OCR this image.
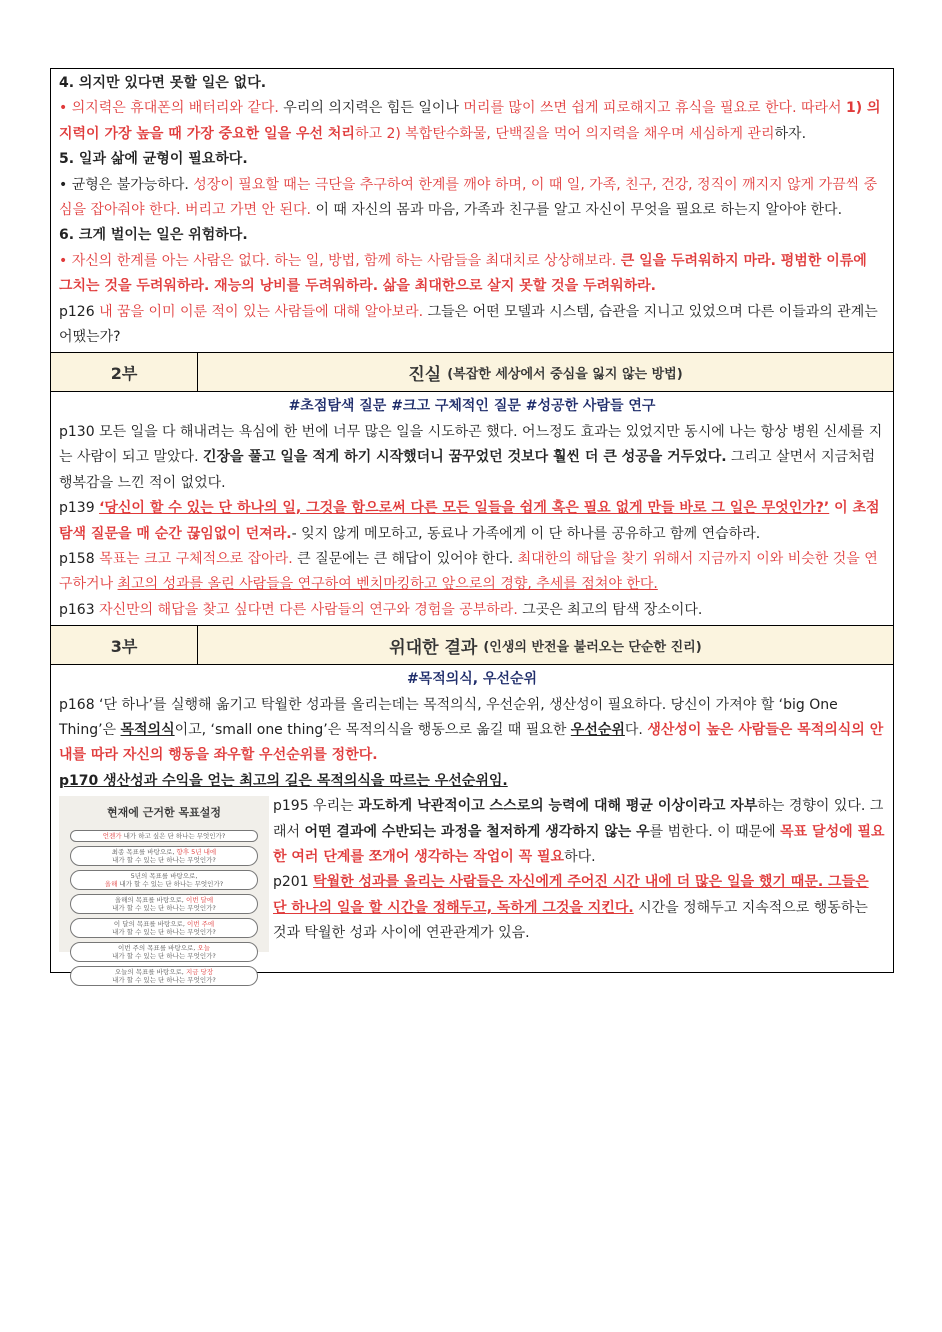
4. 의지만 있다면 못할 일은 없다.
• 의지력은 휴대폰의 배터리와 같다. 우리의 의지력은 힘든 일이나 머리를 많이 쓰면 쉽게 피로해지고 휴식을 필요로 한다. 따라서 1) 의지력이 가장 높을 때 가장 중요한 일을 우선 처리하고 2) 복합탄수화물, 단백질을 먹어 의지력을 채우며 세심하게 관리하자.
5. 일과 삶에 균형이 필요하다.
• 균형은 불가능하다. 성장이 필요할 때는 극단을 추구하여 한계를 깨야 하며, 이 때 일, 가족, 친구, 건강, 정직이 깨지지 않게 가끔씩 중심을 잡아줘야 한다. 버리고 가면 안 된다. 이 때 자신의 몸과 마음, 가족과 친구를 알고 자신이 무엇을 필요로 하는지 알아야 한다.
6. 크게 벌이는 일은 위험하다.
• 자신의 한계를 아는 사람은 없다. 하는 일, 방법, 함께 하는 사람들을 최대치로 상상해보라. 큰 일을 두려워하지 마라. 평범한 이류에 그치는 것을 두려워하라. 재능의 낭비를 두려워하라. 삶을 최대한으로 살지 못할 것을 두려워하라.
p126 내 꿈을 이미 이룬 적이 있는 사람들에 대해 알아보라. 그들은 어떤 모델과 시스템, 습관을 지니고 있었으며 다른 이들과의 관계는 어땠는가?
2부	진실 (복잡한 세상에서 중심을 잃지 않는 방법)
#초점탐색 질문 #크고 구체적인 질문 #성공한 사람들 연구
p130 모든 일을 다 해내려는 욕심에 한 번에 너무 많은 일을 시도하곤 했다. 어느정도 효과는 있었지만 동시에 나는 항상 병원 신세를 지는 사람이 되고 말았다. 긴장을 풀고 일을 적게 하기 시작했더니 꿈꾸었던 것보다 훨씬 더 큰 성공을 거두었다. 그리고 살면서 지금처럼 행복감을 느낀 적이 없었다.
p139 ‘당신이 할 수 있는 단 하나의 일, 그것을 함으로써 다른 모든 일들을 쉽게 혹은 필요 없게 만들 바로 그 일은 무엇인가?’ 이 초점탐색 질문을 매 순간 끊임없이 던져라.- 잊지 않게 메모하고, 동료나 가족에게 이 단 하나를 공유하고 함께 연습하라.
p158 목표는 크고 구체적으로 잡아라. 큰 질문에는 큰 해답이 있어야 한다. 최대한의 해답을 찾기 위해서 지금까지 이와 비슷한 것을 연구하거나 최고의 성과를 올린 사람들을 연구하여 벤치마킹하고 앞으로의 경향, 추세를 점쳐야 한다.
p163 자신만의 해답을 찾고 싶다면 다른 사람들의 연구와 경험을 공부하라. 그곳은 최고의 탐색 장소이다.
3부	위대한 결과 (인생의 반전을 불러오는 단순한 진리)
#목적의식, 우선순위
p168 ‘단 하나’를 실행해 옮기고 탁월한 성과를 올리는데는 목적의식, 우선순위, 생산성이 필요하다. 당신이 가져야 할 ‘big One Thing’은 목적의식이고, ‘small one thing’은 목적의식을 행동으로 옮길 때 필요한 우선순위다. 생산성이 높은 사람들은 목적의식의 안내를 따라 자신의 행동을 좌우할 우선순위를 정한다.
p170 생산성과 수익을 얻는 최고의 길은 목적의식을 따르는 우선순위임.
현재에 근거한 목표설정
언젠가 내가 하고 싶은 단 하나는 무엇인가?
최종 목표를 바탕으로, 향후 5년 내에
내가 할 수 있는 단 하나는 무엇인가?
5년의 목표를 바탕으로,
올해 내가 할 수 있는 단 하나는 무엇인가?
올해의 목표를 바탕으로, 이번 달에
내가 할 수 있는 단 하나는 무엇인가?
이 달의 목표를 바탕으로, 이번 주에
내가 할 수 있는 단 하나는 무엇인가?
이번 주의 목표를 바탕으로, 오늘
내가 할 수 있는 단 하나는 무엇인가?
오늘의 목표를 바탕으로, 지금 당장
내가 할 수 있는 단 하나는 무엇인가?
p195 우리는 과도하게 낙관적이고 스스로의 능력에 대해 평균 이상이라고 자부하는 경향이 있다. 그래서 어떤 결과에 수반되는 과정을 철저하게 생각하지 않는 우를 범한다. 이 때문에 목표 달성에 필요한 여러 단계를 쪼개어 생각하는 작업이 꼭 필요하다.
p201 탁월한 성과를 올리는 사람들은 자신에게 주어진 시간 내에 더 많은 일을 했기 때문. 그들은 단 하나의 일을 할 시간을 정해두고, 독하게 그것을 지킨다. 시간을 정해두고 지속적으로 행동하는 것과 탁월한 성과 사이에 연관관계가 있음.
